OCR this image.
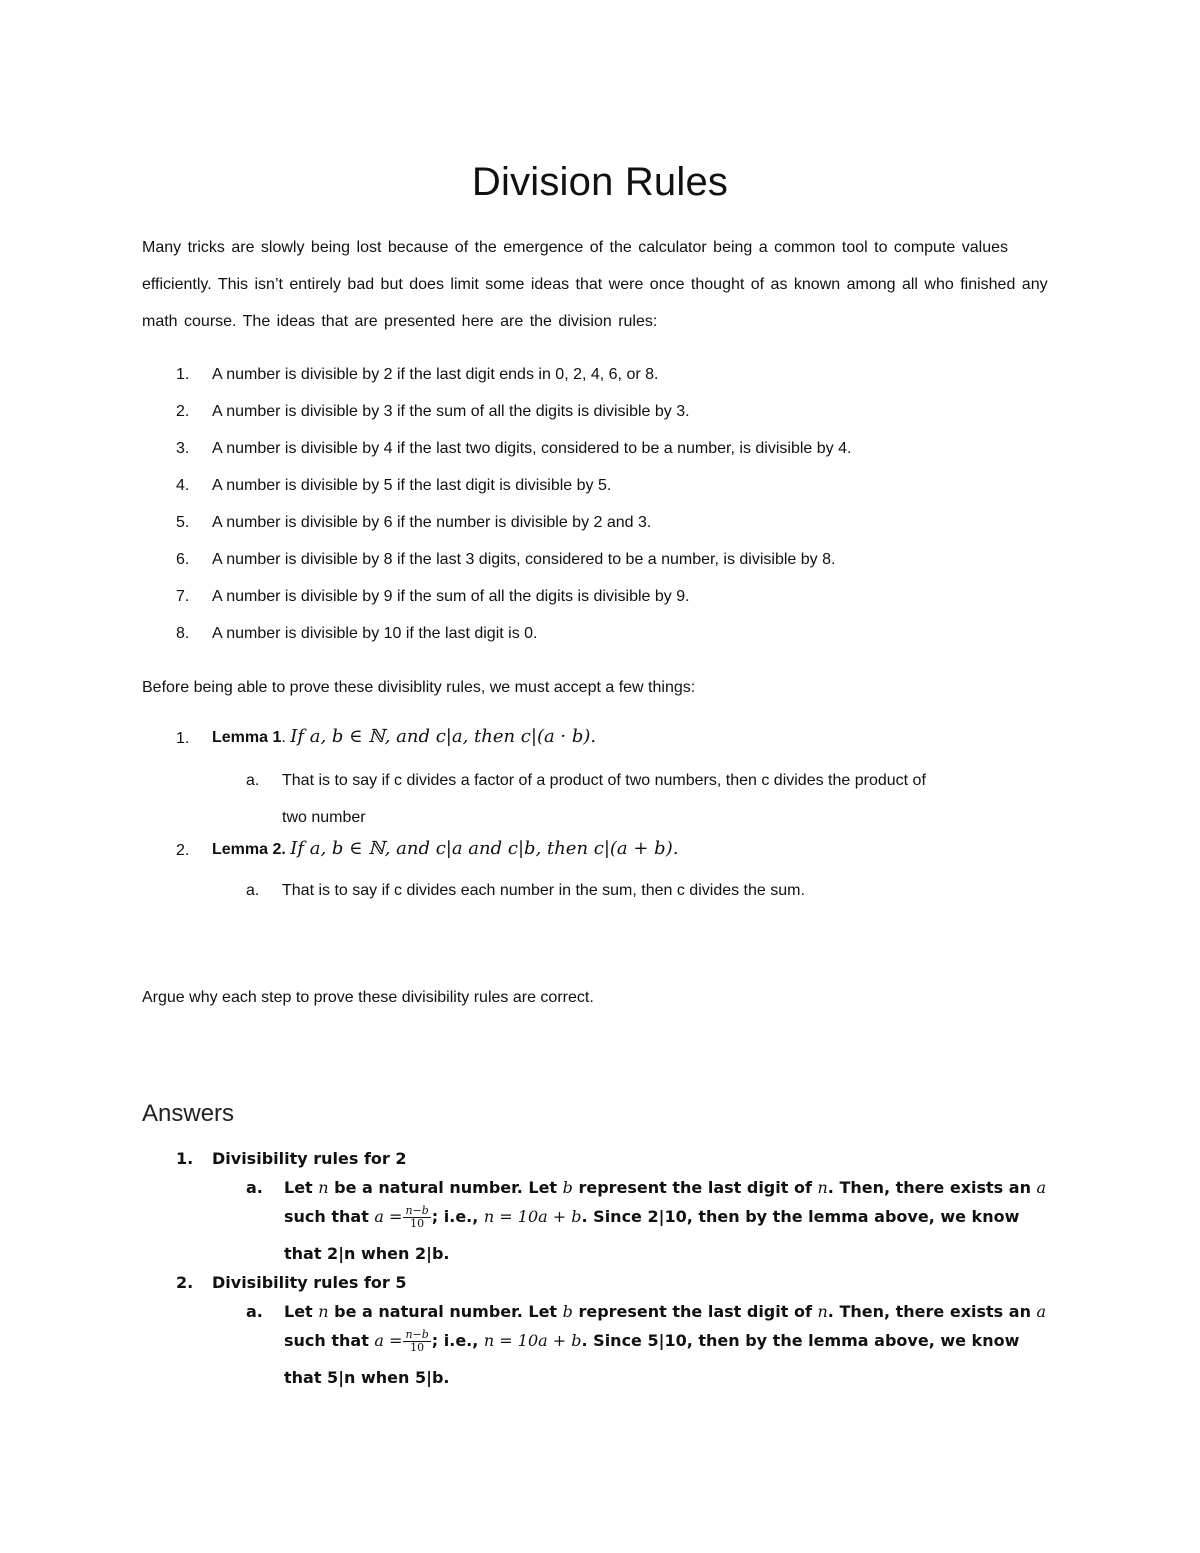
Division Rules

Many tricks are slowly being lost because of the emergence of the calculator being a common tool to compute values efficiently. This isn’t entirely bad but does limit some ideas that were once thought of as known among all who finished any math course. The ideas that are presented here are the division rules:

1. A number is divisible by 2 if the last digit ends in 0, 2, 4, 6, or 8.
2. A number is divisible by 3 if the sum of all the digits is divisible by 3.
3. A number is divisible by 4 if the last two digits, considered to be a number, is divisible by 4.
4. A number is divisible by 5 if the last digit is divisible by 5.
5. A number is divisible by 6 if the number is divisible by 2 and 3.
6. A number is divisible by 8 if the last 3 digits, considered to be a number, is divisible by 8.
7. A number is divisible by 9 if the sum of all the digits is divisible by 9.
8. A number is divisible by 10 if the last digit is 0.

Before being able to prove these divisiblity rules, we must accept a few things:

1. Lemma 1. If a, b ∈ ℕ, and c|a, then c|(a · b).
a. That is to say if c divides a factor of a product of two numbers, then c divides the product of
two number
2. Lemma 2. If a, b ∈ ℕ, and c|a and c|b, then c|(a + b).
a. That is to say if c divides each number in the sum, then c divides the sum.

Argue why each step to prove these divisibility rules are correct.

Answers
1. Divisibility rules for 2
a. Let n be a natural number. Let b represent the last digit of n. Then, there exists an a
such that $a = \frac{n-b}{10}$ ; i.e., n = 10a + b. Since 2|10, then by the lemma above, we know
that 2|n when 2|b.
2. Divisibility rules for 5
a. Let n be a natural number. Let b represent the last digit of n. Then, there exists an a
such that $a = \frac{n-b}{10}$ ; i.e., n = 10a + b. Since 5|10, then by the lemma above, we know
that 5|n when 5|b.
